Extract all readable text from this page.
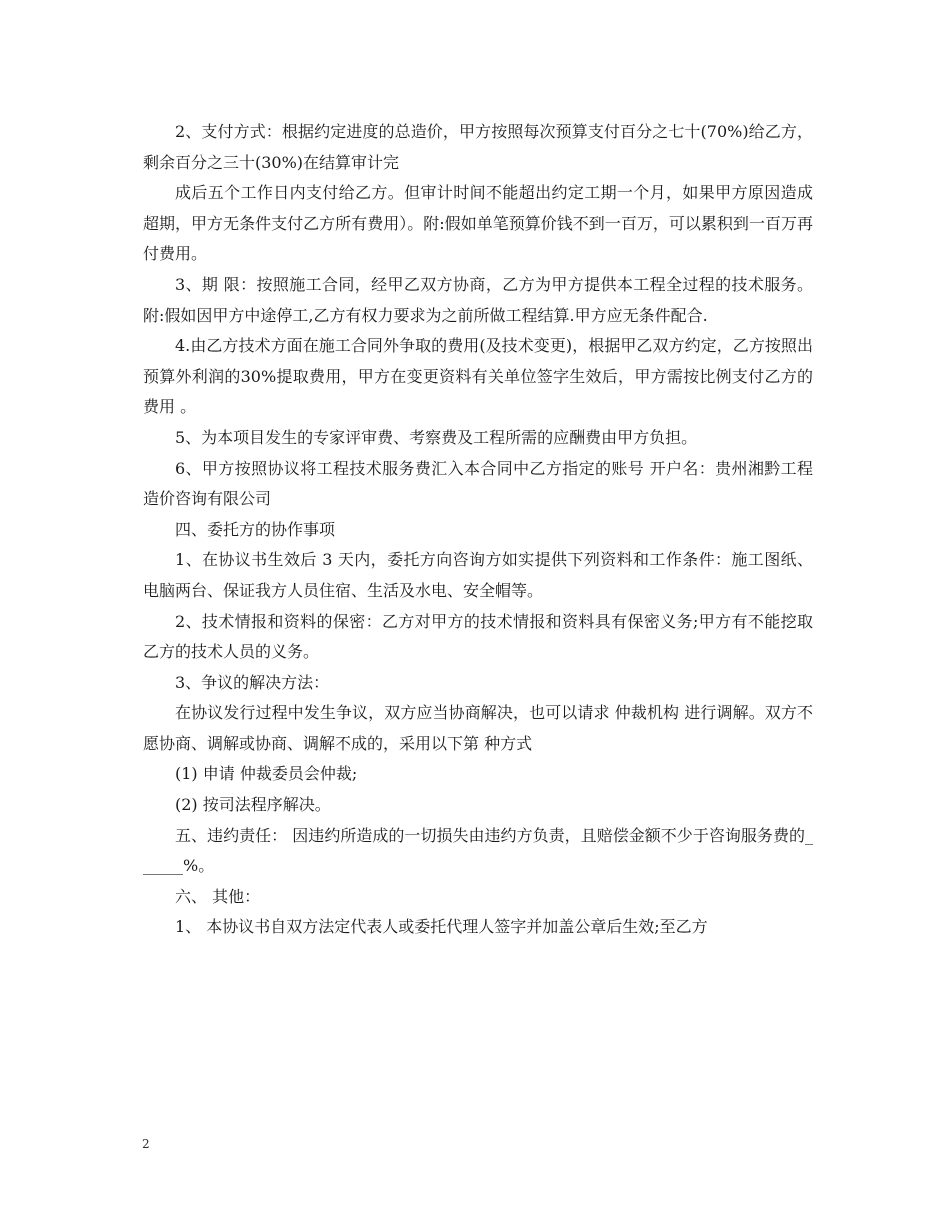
2、支付方式：根据约定进度的总造价，甲方按照每次预算支付百分之七十(70%)给乙方，剩余百分之三十(30%)在结算审计完

成后五个工作日内支付给乙方。但审计时间不能超出约定工期一个月，如果甲方原因造成超期，甲方无条件支付乙方所有费用）。附:假如单笔预算价钱不到一百万，可以累积到一百万再付费用。

3、期 限：按照施工合同，经甲乙双方协商，乙方为甲方提供本工程全过程的技术服务。附:假如因甲方中途停工,乙方有权力要求为之前所做工程结算.甲方应无条件配合.

4.由乙方技术方面在施工合同外争取的费用(及技术变更)，根据甲乙双方约定，乙方按照出预算外利润的30%提取费用，甲方在变更资料有关单位签字生效后，甲方需按比例支付乙方的费用 。

5、为本项目发生的专家评审费、考察费及工程所需的应酬费由甲方负担。

6、甲方按照协议将工程技术服务费汇入本合同中乙方指定的账号 开户名：贵州湘黔工程造价咨询有限公司

四、委托方的协作事项

1、在协议书生效后 3 天内，委托方向咨询方如实提供下列资料和工作条件：施工图纸、电脑两台、保证我方人员住宿、生活及水电、安全帽等。

2、技术情报和资料的保密：乙方对甲方的技术情报和资料具有保密义务;甲方有不能挖取乙方的技术人员的义务。

3、争议的解决方法：

在协议发行过程中发生争议，双方应当协商解决，也可以请求 仲裁机构 进行调解。双方不愿协商、调解或协商、调解不成的，采用以下第 种方式

(1) 申请 仲裁委员会仲裁;

(2) 按司法程序解决。

五、违约责任： 因违约所造成的一切损失由违约方负责，且赔偿金额不少于咨询服务费的______%。

六、 其他：

1、 本协议书自双方法定代表人或委托代理人签字并加盖公章后生效;至乙方

2
